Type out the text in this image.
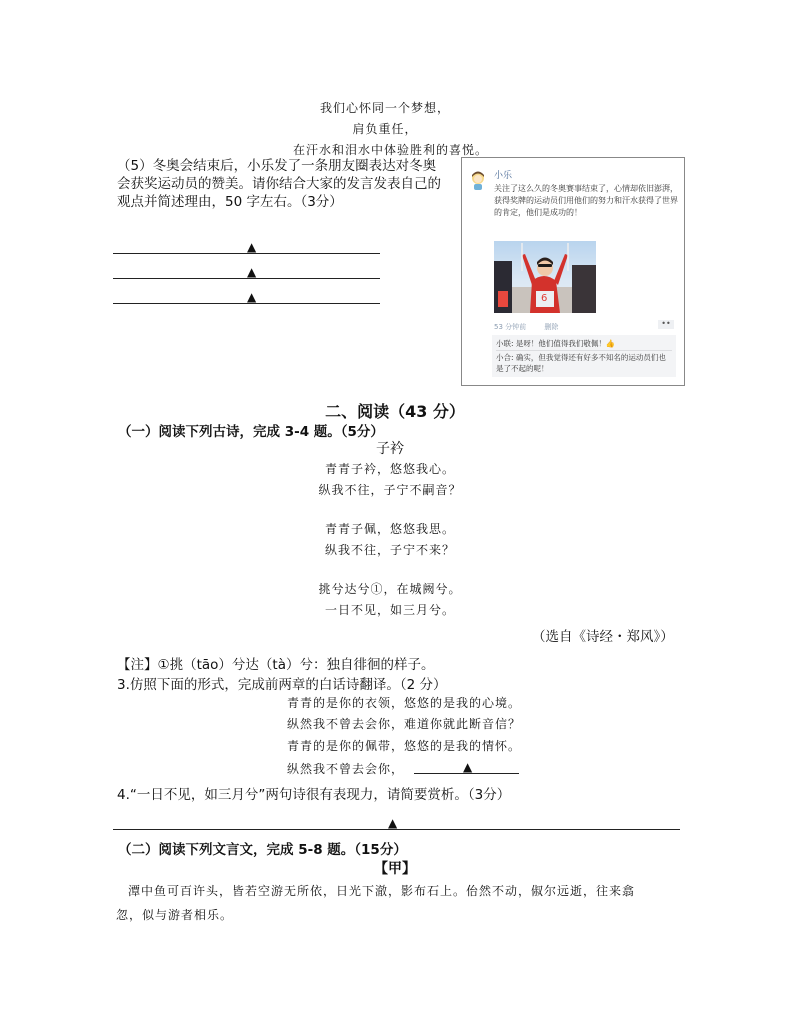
我们心怀同一个梦想，
肩负重任，
在汗水和泪水中体验胜利的喜悦。
（5）冬奥会结束后，小乐发了一条朋友圈表达对冬奥
会获奖运动员的赞美。请你结合大家的发言发表自己的
观点并简述理由，50 字左右。（3分）
▲
▲
▲
小乐
关注了这么久的冬奥赛事结束了，心情却依旧澎湃，获得奖牌的运动员们用他们的努力和汗水获得了世界的肯定，他们是成功的！
6
53 分钟前	删除	••
小联: 是呀！他们值得我们敬佩！👍
小合: 确实，但我觉得还有好多不知名的运动员们也是了不起的呢！
二、阅读（43 分）
（一）阅读下列古诗，完成 3-4 题。（5分）
子衿
青青子衿，悠悠我心。
纵我不往，子宁不嗣音？
青青子佩，悠悠我思。
纵我不往，子宁不来？
挑兮达兮①，在城阙兮。
一日不见，如三月兮。
（选自《诗经・郑风》）
【注】①挑（tāo）兮达（tà）兮：独自徘徊的样子。
3.仿照下面的形式，完成前两章的白话诗翻译。（2 分）
青青的是你的衣领，悠悠的是我的心境。
纵然我不曾去会你，难道你就此断音信？
青青的是你的佩带，悠悠的是我的情怀。
纵然我不曾去会你，	▲
4.“一日不见，如三月兮”两句诗很有表现力，请简要赏析。（3分）
▲
（二）阅读下列文言文，完成 5-8 题。（15分）
【甲】
潭中鱼可百许头，皆若空游无所依，日光下澈，影布石上。佁然不动，俶尔远逝，往来翕
忽，似与游者相乐。
